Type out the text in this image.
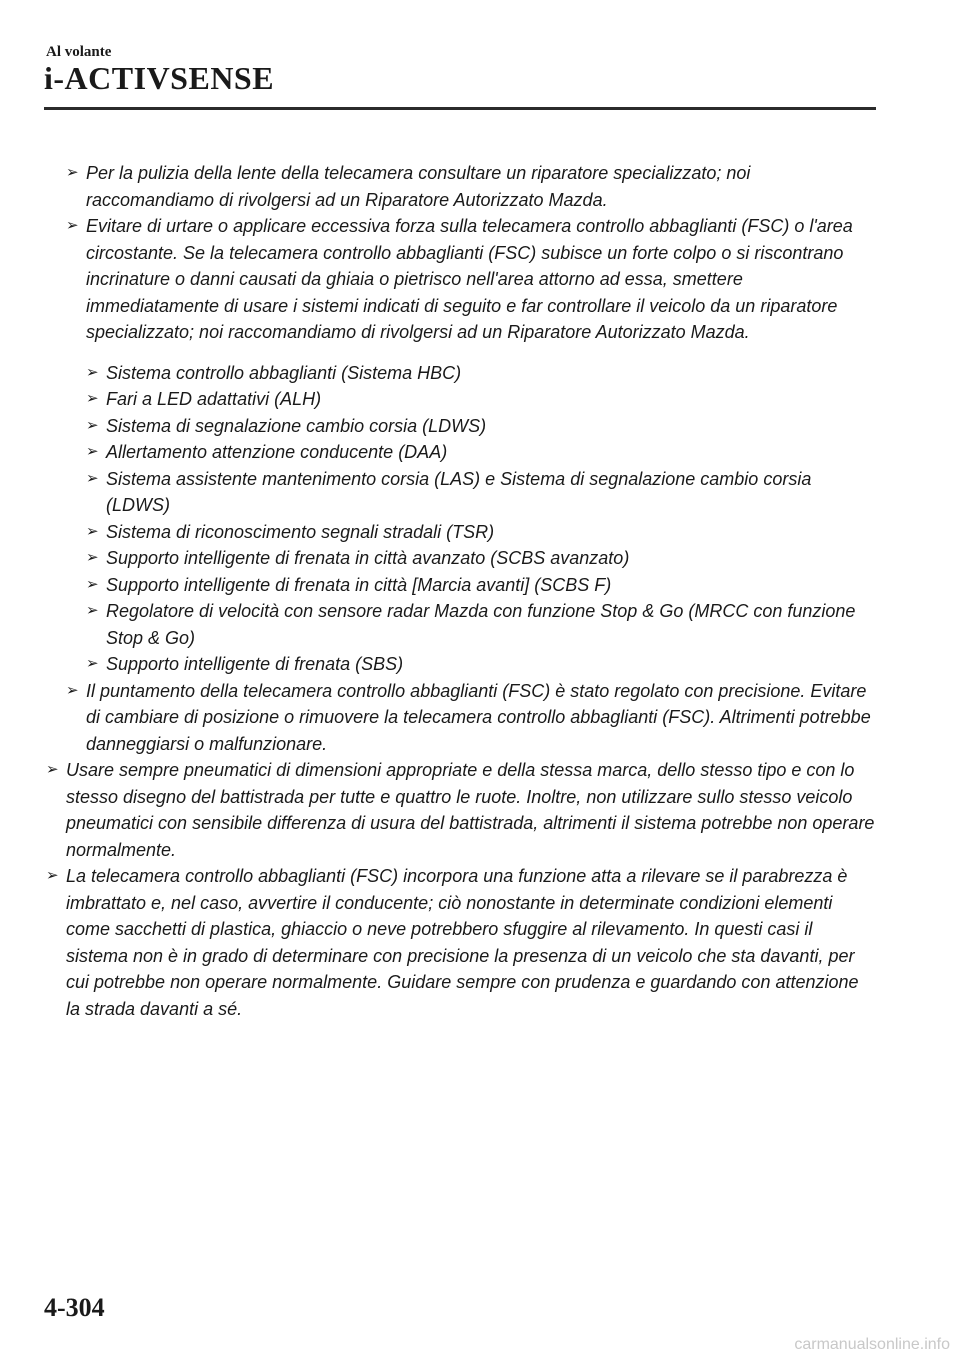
Al volante
i-ACTIVSENSE
➢ Per la pulizia della lente della telecamera consultare un riparatore specializzato; noi raccomandiamo di rivolgersi ad un Riparatore Autorizzato Mazda.
➢ Evitare di urtare o applicare eccessiva forza sulla telecamera controllo abbaglianti (FSC) o l'area circostante. Se la telecamera controllo abbaglianti (FSC) subisce un forte colpo o si riscontrano incrinature o danni causati da ghiaia o pietrisco nell'area attorno ad essa, smettere immediatamente di usare i sistemi indicati di seguito e far controllare il veicolo da un riparatore specializzato; noi raccomandiamo di rivolgersi ad un Riparatore Autorizzato Mazda.
➢ Sistema controllo abbaglianti (Sistema HBC)
➢ Fari a LED adattativi (ALH)
➢ Sistema di segnalazione cambio corsia (LDWS)
➢ Allertamento attenzione conducente (DAA)
➢ Sistema assistente mantenimento corsia (LAS) e Sistema di segnalazione cambio corsia (LDWS)
➢ Sistema di riconoscimento segnali stradali (TSR)
➢ Supporto intelligente di frenata in città avanzato (SCBS avanzato)
➢ Supporto intelligente di frenata in città [Marcia avanti] (SCBS F)
➢ Regolatore di velocità con sensore radar Mazda con funzione Stop & Go (MRCC con funzione Stop & Go)
➢ Supporto intelligente di frenata (SBS)
➢ Il puntamento della telecamera controllo abbaglianti (FSC) è stato regolato con precisione. Evitare di cambiare di posizione o rimuovere la telecamera controllo abbaglianti (FSC). Altrimenti potrebbe danneggiarsi o malfunzionare.
➢ Usare sempre pneumatici di dimensioni appropriate e della stessa marca, dello stesso tipo e con lo stesso disegno del battistrada per tutte e quattro le ruote. Inoltre, non utilizzare sullo stesso veicolo pneumatici con sensibile differenza di usura del battistrada, altrimenti il sistema potrebbe non operare normalmente.
➢ La telecamera controllo abbaglianti (FSC) incorpora una funzione atta a rilevare se il parabrezza è imbrattato e, nel caso, avvertire il conducente; ciò nonostante in determinate condizioni elementi come sacchetti di plastica, ghiaccio o neve potrebbero sfuggire al rilevamento. In questi casi il sistema non è in grado di determinare con precisione la presenza di un veicolo che sta davanti, per cui potrebbe non operare normalmente. Guidare sempre con prudenza e guardando con attenzione la strada davanti a sé.
4-304
carmanualsonline.info
